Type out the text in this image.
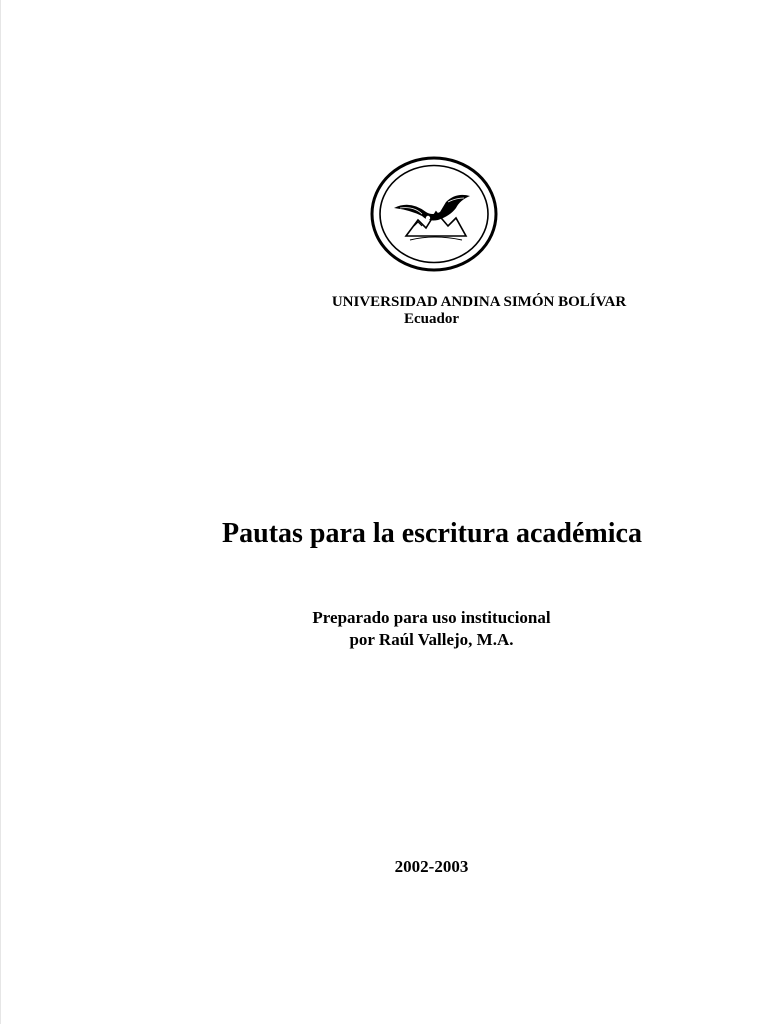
UNIVERSIDAD ANDINA SIMÓN BOLÍVAR
Ecuador
Pautas para la escritura académica
Preparado para uso institucional
por Raúl Vallejo, M.A.
2002-2003
